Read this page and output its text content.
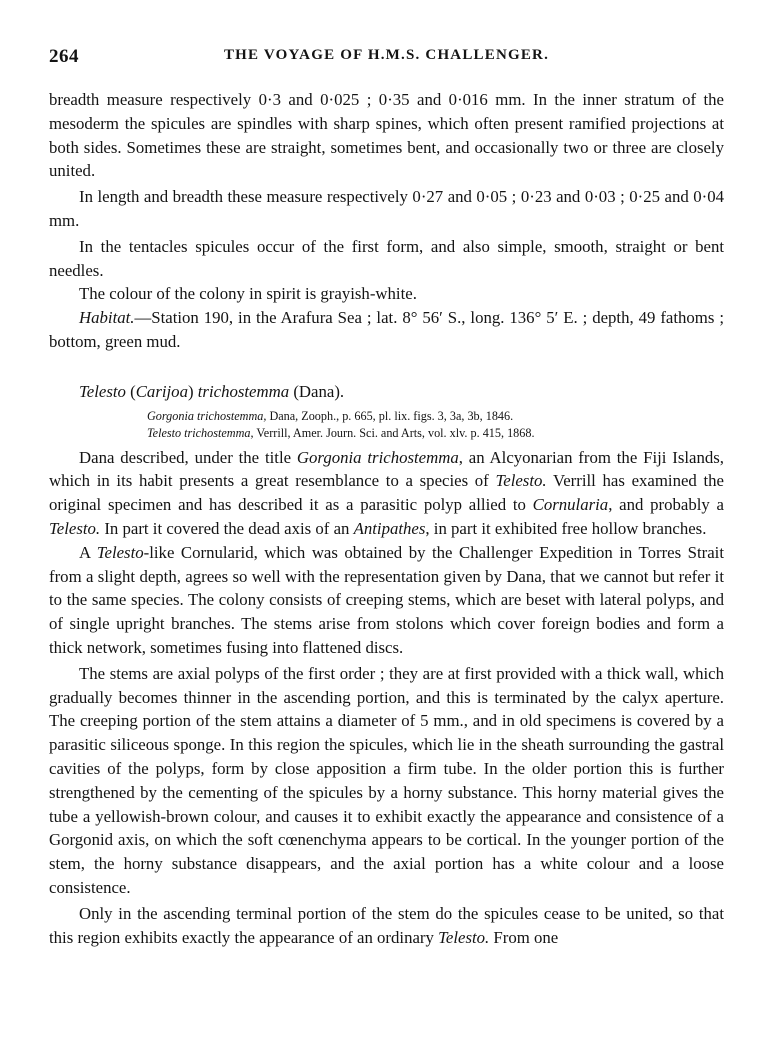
264	THE VOYAGE OF H.M.S. CHALLENGER.

breadth measure respectively 0·3 and 0·025 ; 0·35 and 0·016 mm. In the inner stratum of the mesoderm the spicules are spindles with sharp spines, which often present ramified projections at both sides. Sometimes these are straight, sometimes bent, and occasionally two or three are closely united.

In length and breadth these measure respectively 0·27 and 0·05 ; 0·23 and 0·03 ; 0·25 and 0·04 mm.

In the tentacles spicules occur of the first form, and also simple, smooth, straight or bent needles.

The colour of the colony in spirit is grayish-white.

Habitat.—Station 190, in the Arafura Sea ; lat. 8° 56′ S., long. 136° 5′ E. ; depth, 49 fathoms ; bottom, green mud.

Telesto (Carijoa) trichostemma (Dana).

Gorgonia trichostemma, Dana, Zooph., p. 665, pl. lix. figs. 3, 3a, 3b, 1846.
Telesto trichostemma, Verrill, Amer. Journ. Sci. and Arts, vol. xlv. p. 415, 1868.

Dana described, under the title Gorgonia trichostemma, an Alcyonarian from the Fiji Islands, which in its habit presents a great resemblance to a species of Telesto. Verrill has examined the original specimen and has described it as a parasitic polyp allied to Cornularia, and probably a Telesto. In part it covered the dead axis of an Antipathes, in part it exhibited free hollow branches.

A Telesto-like Cornularid, which was obtained by the Challenger Expedition in Torres Strait from a slight depth, agrees so well with the representation given by Dana, that we cannot but refer it to the same species. The colony consists of creeping stems, which are beset with lateral polyps, and of single upright branches. The stems arise from stolons which cover foreign bodies and form a thick network, sometimes fusing into flattened discs.

The stems are axial polyps of the first order ; they are at first provided with a thick wall, which gradually becomes thinner in the ascending portion, and this is terminated by the calyx aperture. The creeping portion of the stem attains a diameter of 5 mm., and in old specimens is covered by a parasitic siliceous sponge. In this region the spicules, which lie in the sheath surrounding the gastral cavities of the polyps, form by close apposition a firm tube. In the older portion this is further strengthened by the cementing of the spicules by a horny substance. This horny material gives the tube a yellowish-brown colour, and causes it to exhibit exactly the appearance and consistence of a Gorgonid axis, on which the soft cœnenchyma appears to be cortical. In the younger portion of the stem, the horny substance disappears, and the axial portion has a white colour and a loose consistence.

Only in the ascending terminal portion of the stem do the spicules cease to be united, so that this region exhibits exactly the appearance of an ordinary Telesto. From one
